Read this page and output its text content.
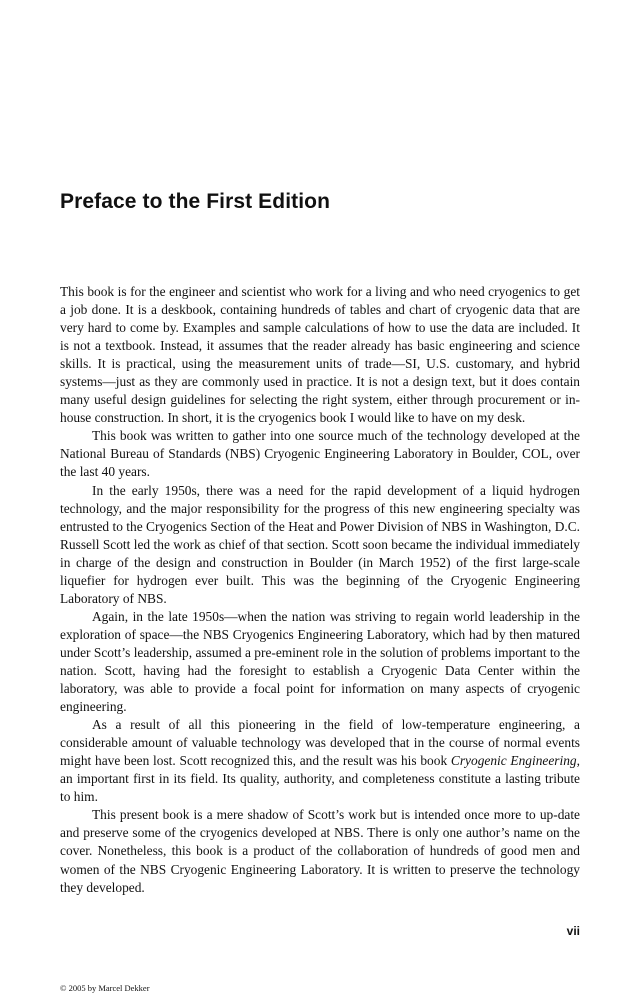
Preface to the First Edition

This book is for the engineer and scientist who work for a living and who need cryogenics to get a job done. It is a deskbook, containing hundreds of tables and chart of cryogenic data that are very hard to come by. Examples and sample calculations of how to use the data are included. It is not a textbook. Instead, it assumes that the reader already has basic engineering and science skills. It is practical, using the measurement units of trade—SI, U.S. customary, and hybrid systems—just as they are commonly used in practice. It is not a design text, but it does contain many useful design guidelines for selecting the right system, either through procurement or in-house construction. In short, it is the cryogenics book I would like to have on my desk.

This book was written to gather into one source much of the technology developed at the National Bureau of Standards (NBS) Cryogenic Engineering Laboratory in Boulder, COL, over the last 40 years.

In the early 1950s, there was a need for the rapid development of a liquid hydrogen technology, and the major responsibility for the progress of this new engineering specialty was entrusted to the Cryogenics Section of the Heat and Power Division of NBS in Washington, D.C. Russell Scott led the work as chief of that section. Scott soon became the individual immediately in charge of the design and construction in Boulder (in March 1952) of the first large-scale liquefier for hydrogen ever built. This was the beginning of the Cryogenic Engineering Laboratory of NBS.

Again, in the late 1950s—when the nation was striving to regain world leadership in the exploration of space—the NBS Cryogenics Engineering Laboratory, which had by then matured under Scott’s leadership, assumed a pre-eminent role in the solution of problems important to the nation. Scott, having had the foresight to establish a Cryogenic Data Center within the laboratory, was able to provide a focal point for information on many aspects of cryogenic engineering.

As a result of all this pioneering in the field of low-temperature engineering, a considerable amount of valuable technology was developed that in the course of normal events might have been lost. Scott recognized this, and the result was his book Cryogenic Engineering, an important first in its field. Its quality, authority, and completeness constitute a lasting tribute to him.

This present book is a mere shadow of Scott’s work but is intended once more to up-date and preserve some of the cryogenics developed at NBS. There is only one author’s name on the cover. Nonetheless, this book is a product of the collaboration of hundreds of good men and women of the NBS Cryogenic Engineering Laboratory. It is written to preserve the technology they developed.

vii
© 2005 by Marcel Dekker
